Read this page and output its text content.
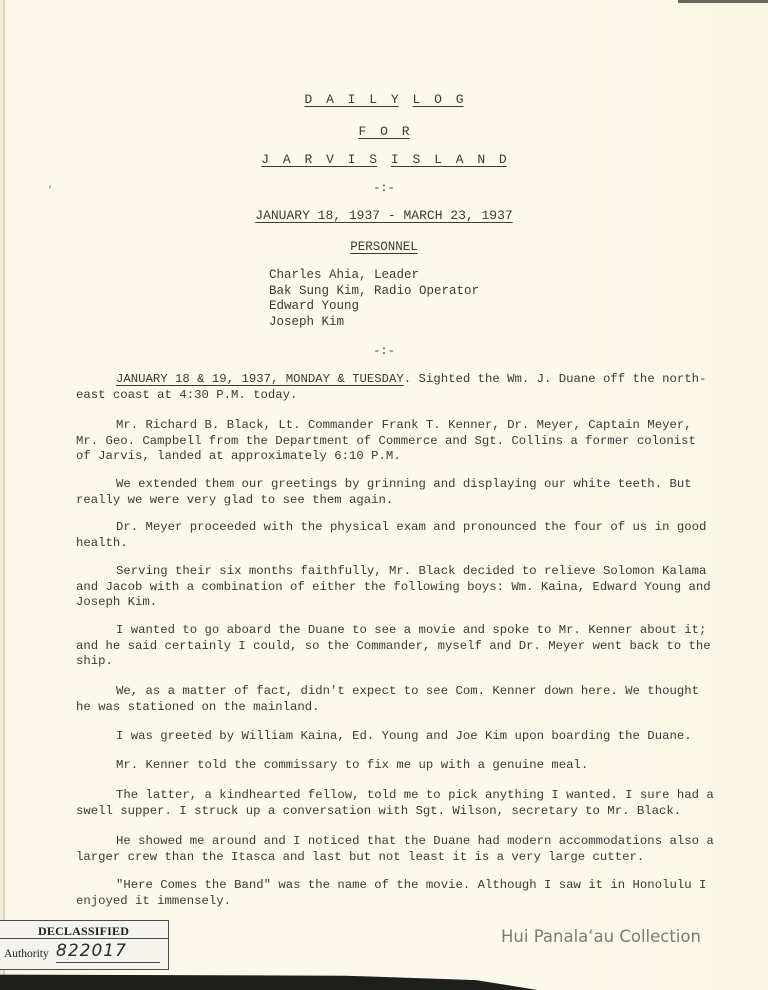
,
D A I L Y L O G
F O R
J A R V I S I S L A N D
-:-
JANUARY 18, 1937 - MARCH 23, 1937
PERSONNEL
Charles Ahia, Leader
Bak Sung Kim, Radio Operator
Edward Young
Joseph Kim
-:-
JANUARY 18 & 19, 1937, MONDAY & TUESDAY. Sighted the Wm. J. Duane off the north-east coast at 4:30 P.M. today.
Mr. Richard B. Black, Lt. Commander Frank T. Kenner, Dr. Meyer, Captain Meyer, Mr. Geo. Campbell from the Department of Commerce and Sgt. Collins a former colonist of Jarvis, landed at approximately 6:10 P.M.
We extended them our greetings by grinning and displaying our white teeth. But really we were very glad to see them again.
Dr. Meyer proceeded with the physical exam and pronounced the four of us in good health.
Serving their six months faithfully, Mr. Black decided to relieve Solomon Kalama and Jacob with a combination of either the following boys: Wm. Kaina, Edward Young and Joseph Kim.
I wanted to go aboard the Duane to see a movie and spoke to Mr. Kenner about it; and he said certainly I could, so the Commander, myself and Dr. Meyer went back to the ship.
We, as a matter of fact, didn't expect to see Com. Kenner down here. We thought he was stationed on the mainland.
I was greeted by William Kaina, Ed. Young and Joe Kim upon boarding the Duane.
Mr. Kenner told the commissary to fix me up with a genuine meal.
The latter, a kindhearted fellow, told me to pick anything I wanted. I sure had a swell supper. I struck up a conversation with Sgt. Wilson, secretary to Mr. Black.
He showed me around and I noticed that the Duane had modern accommodations also a larger crew than the Itasca and last but not least it is a very large cutter.
"Here Comes the Band" was the name of the movie. Although I saw it in Honolulu I enjoyed it immensely.
DECLASSIFIED
Authority 822017
Hui Panala‘au Collection
